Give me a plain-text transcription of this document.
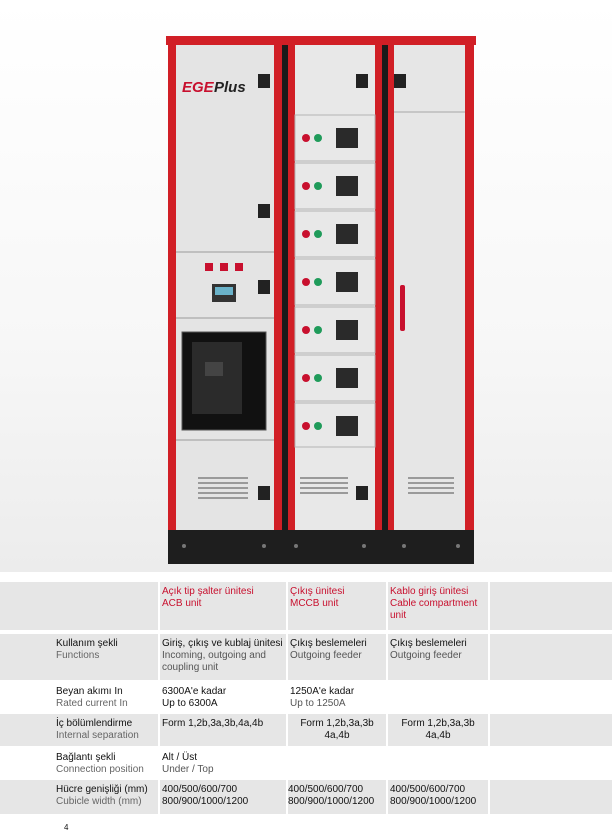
EGE Plus
Açık tip şalter ünitesi
ACB unit
Çıkış ünitesi
MCCB unit
Kablo giriş ünitesi
Cable compartment unit
Kullanım şekli
Functions
Giriş, çıkış ve kublaj ünitesi
Incoming, outgoing and coupling unit
Çıkış beslemeleri
Outgoing feeder
Çıkış beslemeleri
Outgoing feeder
Beyan akımı In
Rated current In
6300A'e kadar
Up to 6300A
1250A'e kadar
Up to 1250A
İç bölümlendirme
Internal separation
Form 1,2b,3a,3b,4a,4b	Form 1,2b,3a,3b
4a,4b
Form 1,2b,3a,3b
4a,4b
Bağlantı şekli
Connection position
Alt / Üst
Under / Top
Hücre genişliği (mm)
Cubicle width (mm)
400/500/600/700
800/900/1000/1200
400/500/600/700
800/900/1000/1200
400/500/600/700
800/900/1000/1200
4
